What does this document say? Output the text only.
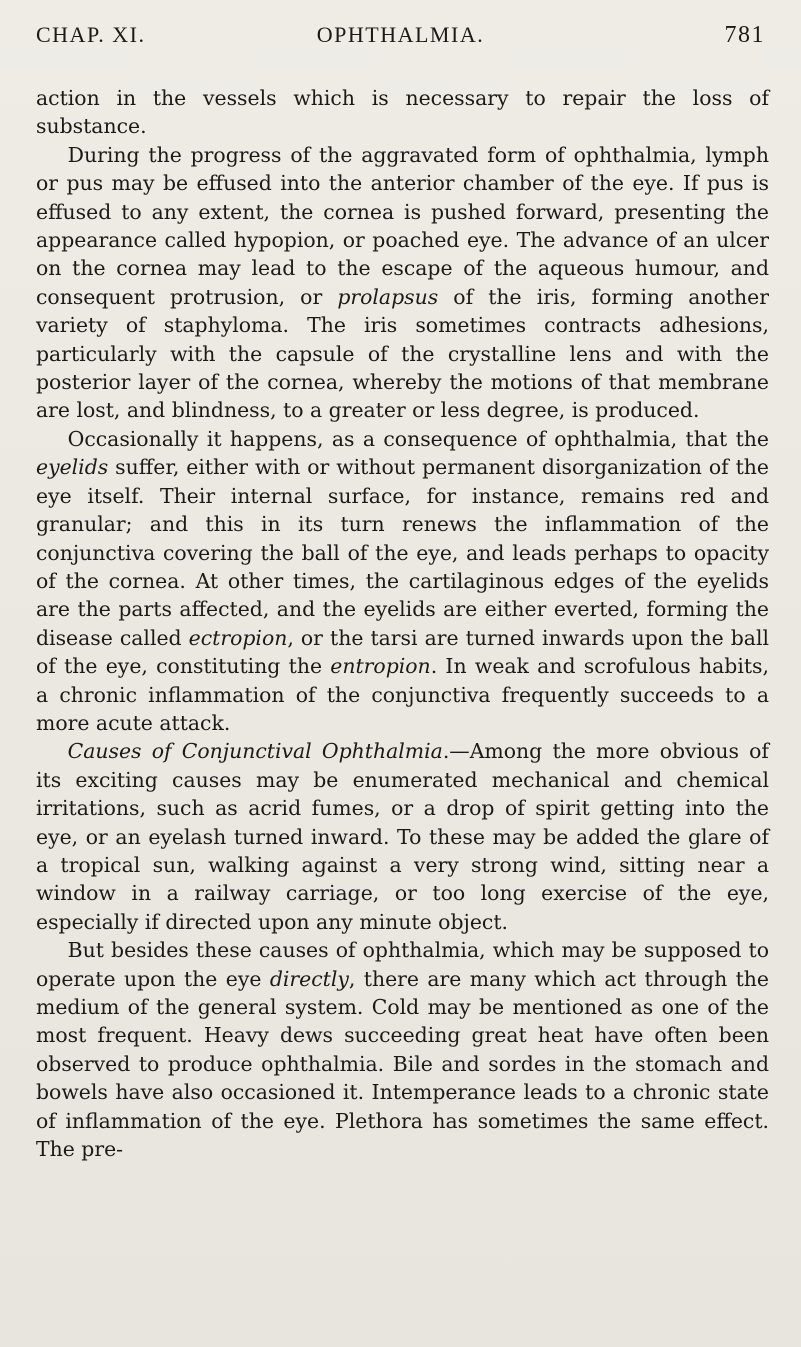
CHAP. XI.	OPHTHALMIA.	781

action in the vessels which is necessary to repair the loss of substance.

During the progress of the aggravated form of ophthalmia, lymph or pus may be effused into the anterior chamber of the eye. If pus is effused to any extent, the cornea is pushed forward, presenting the appearance called hypopion, or poached eye. The advance of an ulcer on the cornea may lead to the escape of the aqueous humour, and consequent protrusion, or prolapsus of the iris, forming another variety of staphyloma. The iris sometimes contracts adhesions, particularly with the capsule of the crystalline lens and with the posterior layer of the cornea, whereby the motions of that membrane are lost, and blindness, to a greater or less degree, is produced.

Occasionally it happens, as a consequence of ophthalmia, that the eyelids suffer, either with or without permanent disorganization of the eye itself. Their internal surface, for instance, remains red and granular; and this in its turn renews the inflammation of the conjunctiva covering the ball of the eye, and leads perhaps to opacity of the cornea. At other times, the cartilaginous edges of the eyelids are the parts affected, and the eyelids are either everted, forming the disease called ectropion, or the tarsi are turned inwards upon the ball of the eye, constituting the entropion. In weak and scrofulous habits, a chronic inflammation of the conjunctiva frequently succeeds to a more acute attack.

Causes of Conjunctival Ophthalmia.—Among the more obvious of its exciting causes may be enumerated mechanical and chemical irritations, such as acrid fumes, or a drop of spirit getting into the eye, or an eyelash turned inward. To these may be added the glare of a tropical sun, walking against a very strong wind, sitting near a window in a railway carriage, or too long exercise of the eye, especially if directed upon any minute object.

But besides these causes of ophthalmia, which may be supposed to operate upon the eye directly, there are many which act through the medium of the general system. Cold may be mentioned as one of the most frequent. Heavy dews succeeding great heat have often been observed to produce ophthalmia. Bile and sordes in the stomach and bowels have also occasioned it. Intemperance leads to a chronic state of inflammation of the eye. Plethora has sometimes the same effect. The pre-
